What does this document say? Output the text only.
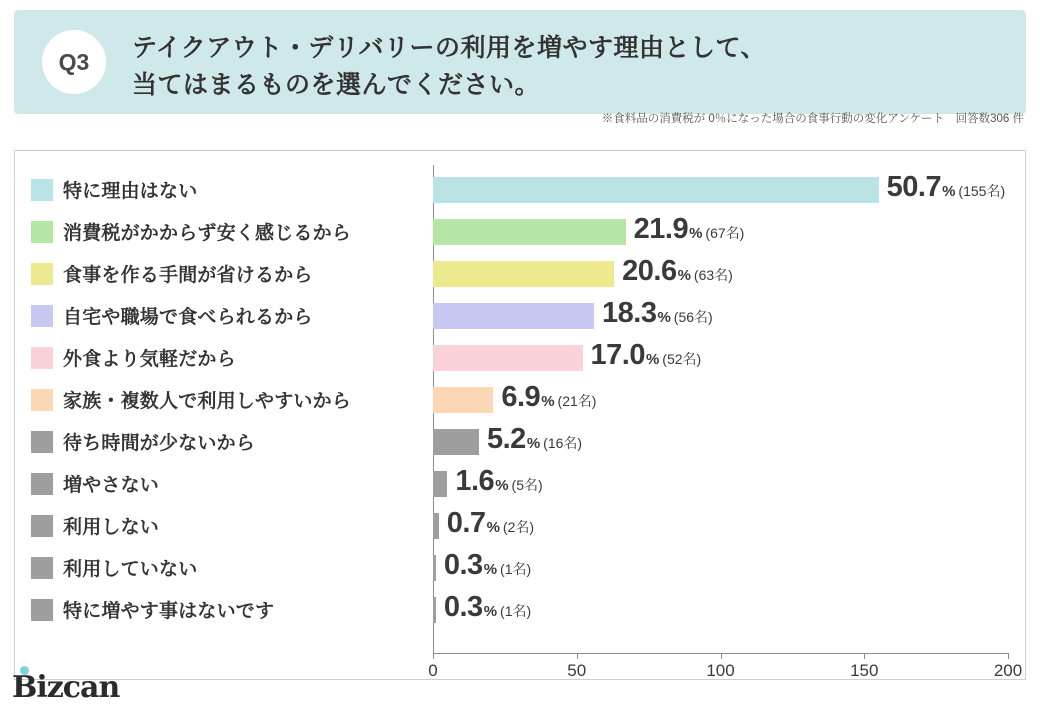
Q3	テイクアウト・デリバリーの利用を増やす理由として、
当てはまるものを選んでください。
※食料品の消費税が 0％になった場合の食事行動の変化アンケート　回答数306 件
特に理由はない	50.7% (155名)
消費税がかからず安く感じるから	21.9% (67名)
食事を作る手間が省けるから	20.6% (63名)
自宅や職場で食べられるから	18.3% (56名)
外食より気軽だから	17.0% (52名)
家族・複数人で利用しやすいから	6.9% (21名)
待ち時間が少ないから	5.2% (16名)
増やさない	1.6% (5名)
利用しない	0.7% (2名)
利用していない	0.3% (1名)
特に増やす事はないです	0.3% (1名)
0	50	100	150	200
Bizcan
